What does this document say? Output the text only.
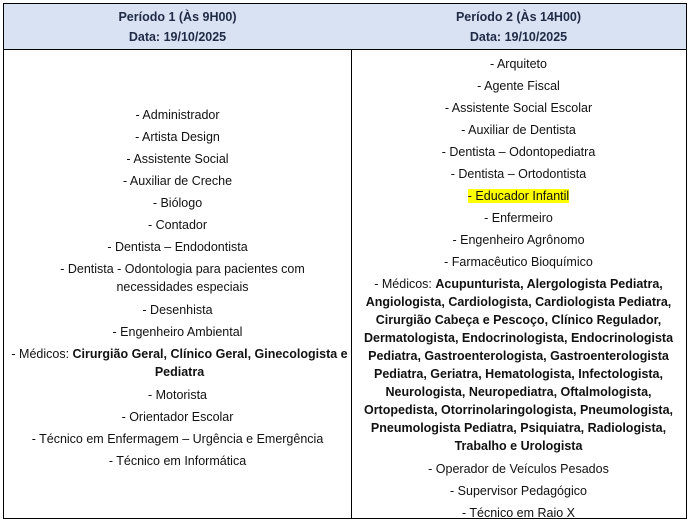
Período 1 (Às 9H00)
Data: 19/10/2025
- Administrador
- Artista Design
- Assistente Social
- Auxiliar de Creche
- Biólogo
- Contador
- Dentista – Endodontista
- Dentista - Odontologia para pacientes com necessidades especiais
- Desenhista
- Engenheiro Ambiental
- Médicos: Cirurgião Geral, Clínico Geral, Ginecologista e Pediatra
- Motorista
- Orientador Escolar
- Técnico em Enfermagem – Urgência e Emergência
- Técnico em Informática
Período 2 (Às 14H00)
Data: 19/10/2025
- Arquiteto
- Agente Fiscal
- Assistente Social Escolar
- Auxiliar de Dentista
- Dentista – Odontopediatra
- Dentista – Ortodontista
- Educador Infantil
- Enfermeiro
- Engenheiro Agrônomo
- Farmacêutico Bioquímico
- Médicos: Acupunturista, Alergologista Pediatra, Angiologista, Cardiologista, Cardiologista Pediatra, Cirurgião Cabeça e Pescoço, Clínico Regulador, Dermatologista, Endocrinologista, Endocrinologista Pediatra, Gastroenterologista, Gastroenterologista Pediatra, Geriatra, Hematologista, Infectologista, Neurologista, Neuropediatra, Oftalmologista, Ortopedista, Otorrinolaringologista, Pneumologista, Pneumologista Pediatra, Psiquiatra, Radiologista, Trabalho e Urologista
- Operador de Veículos Pesados
- Supervisor Pedagógico
- Técnico em Raio X
